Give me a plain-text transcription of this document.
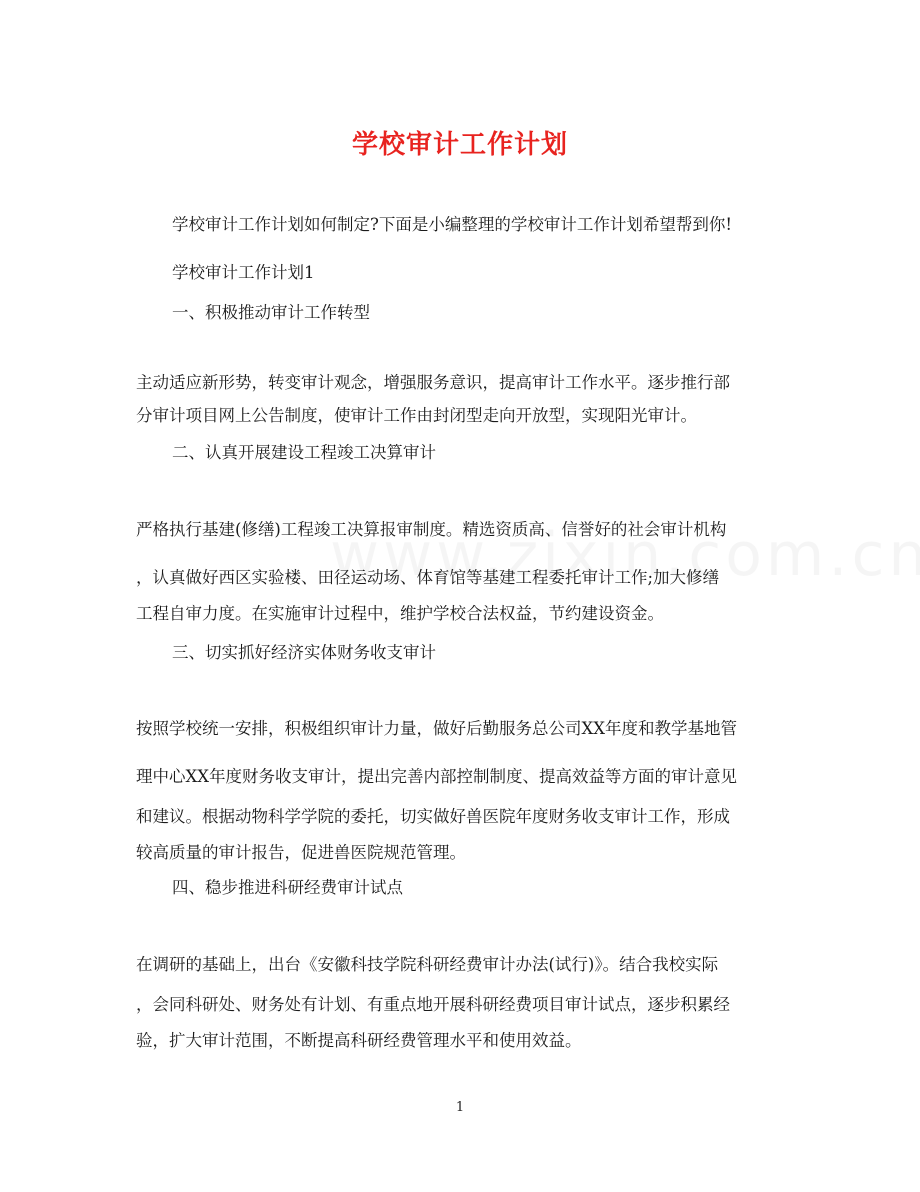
学校审计工作计划
学校审计工作计划如何制定?下面是小编整理的学校审计工作计划希望帮到你!
学校审计工作计划1
一、积极推动审计工作转型
主动适应新形势，转变审计观念，增强服务意识，提高审计工作水平。逐步推行部
分审计项目网上公告制度，使审计工作由封闭型走向开放型，实现阳光审计。
二、认真开展建设工程竣工决算审计
严格执行基建(修缮)工程竣工决算报审制度。精选资质高、信誉好的社会审计机构
，认真做好西区实验楼、田径运动场、体育馆等基建工程委托审计工作;加大修缮
工程自审力度。在实施审计过程中，维护学校合法权益，节约建设资金。
三、切实抓好经济实体财务收支审计
按照学校统一安排，积极组织审计力量，做好后勤服务总公司XX年度和教学基地管
理中心XX年度财务收支审计，提出完善内部控制制度、提高效益等方面的审计意见
和建议。根据动物科学学院的委托，切实做好兽医院年度财务收支审计工作，形成
较高质量的审计报告，促进兽医院规范管理。
四、稳步推进科研经费审计试点
在调研的基础上，出台《安徽科技学院科研经费审计办法(试行)》。结合我校实际
，会同科研处、财务处有计划、有重点地开展科研经费项目审计试点，逐步积累经
验，扩大审计范围，不断提高科研经费管理水平和使用效益。
1
